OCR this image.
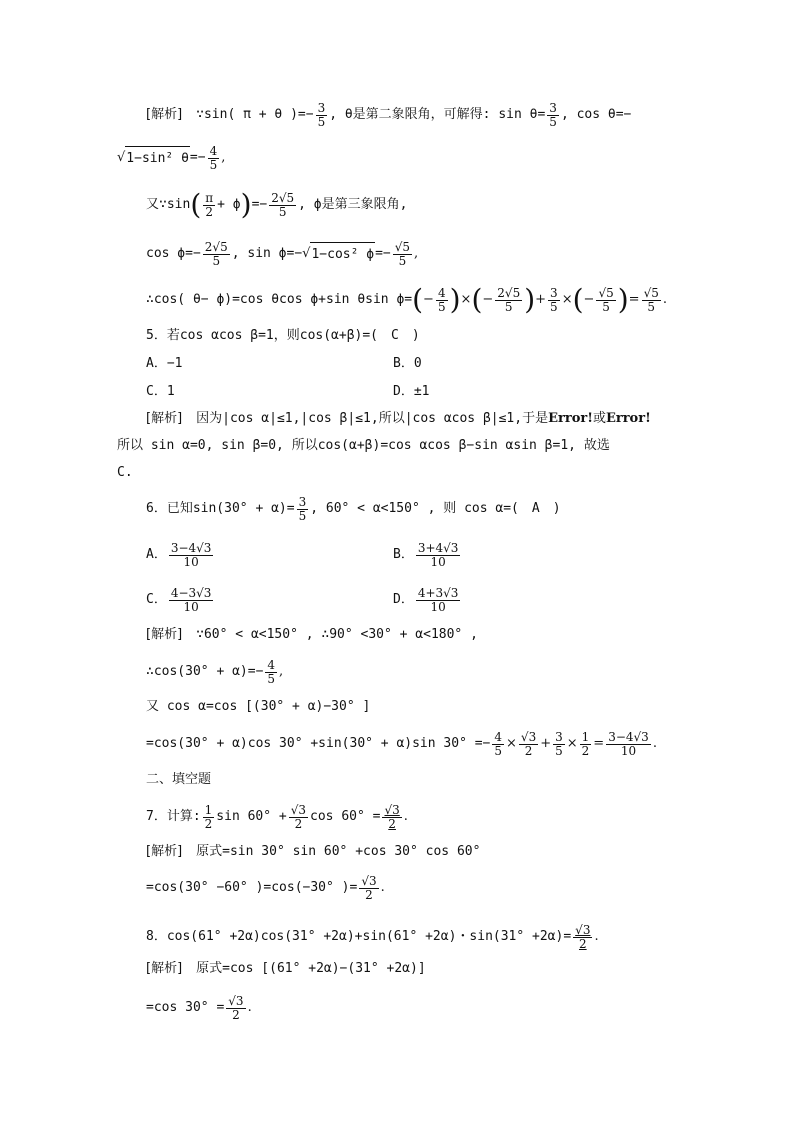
[解析] ∵sin( π + θ )=− $\frac{3}{5}$ , θ是第二象限角，可解得: $\sin \theta= \frac{3}{5}$ , cos θ=−
√ 1−sin² $\theta =- \frac{4}{5}$ ,
又∵sin ( $\frac{\pi}{2} + \phi$ ) =− $\frac{2√5}{5}$ , ϕ是第三象限角,
$\cos \phi=- \frac{2√5}{5}$ , sin ϕ=− √ 1−cos² $\phi =- \frac{√5}{5}$ ,
∴cos( θ− ϕ)=cos θcos ϕ+sin θsin ϕ= ( − $\frac{4}{5}$ ) × ( − $\frac{2√5}{5}$ ) + $\frac{3}{5}$ × ( − $\frac{√5}{5}$ ) = $\frac{√5}{5}$ .
5．若cos αcos β=1，则cos(α+β)=(　C　)
A．−1	B．0
C．1	D．±1
[解析] 因为|cos α|≤1,|cos β|≤1,所以|cos αcos β|≤1,于是 Error! 或 Error!
所以 sin α=0, sin β=0, 所以cos(α+β)=cos αcos β−sin αsin β=1, 故选
C.
6．已知$\sin(30^\circ + \alpha)= \frac{3}{5}$ , 60° < α<150° , 则 cos α=(　A　)
A． $\frac{3-4√3}{10}$	B． $\frac{3+4√3}{10}$
C． $\frac{4-3√3}{10}$	D． $\frac{4+3√3}{10}$
[解析] ∵60° < α<150° , ∴90° <30° + α<180° ,
∴cos(30° + $\alpha)=- \frac{4}{5}$ ,
又 cos α=cos [(30° + α)−30° ]
=cos(30° + α)cos 30° +sin(30° + α)sin $30^\circ =- \frac{4}{5} \times \frac{√3}{2} + \frac{3}{5} \times \frac{1}{2} = \frac{3-4√3}{10}$ .
二、填空题
7．计算: $\frac{1}{2}$ $\sin 60^\circ + \frac{√3}{2}$ $\cos 60^\circ = \frac{√3}{2}$ .
[解析] 原式=sin 30° sin 60° +cos 30° cos 60°
=cos(30° −60° )=cos(−30° )= $\frac{√3}{2}$ .
8．cos(61° +2α)cos(31° +2α)+sin(61° +2α)・$\sin(31^\circ +2\alpha)= \frac{√3}{2}$ .
[解析] 原式=cos [(61° +2α)−(31° +2α)]
=cos $30^\circ = \frac{√3}{2}$ .
